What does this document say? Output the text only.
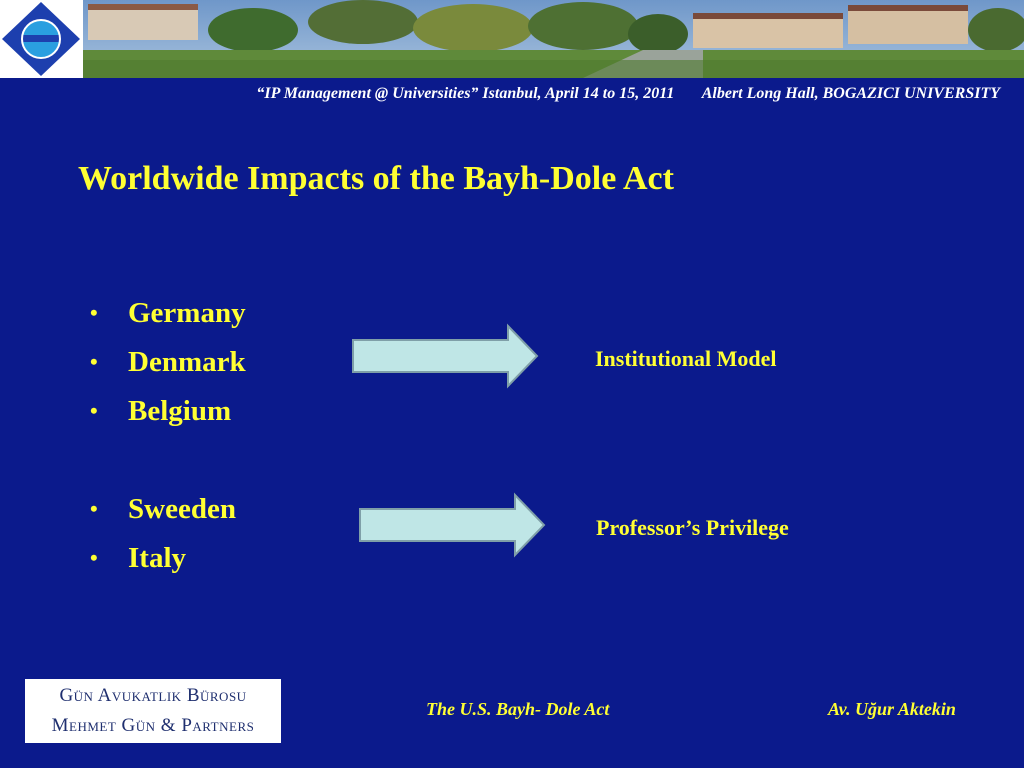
“IP Management @ Universities” Istanbul, April 14 to 15, 2011 Albert Long Hall, BOGAZICI UNIVERSITY
Worldwide Impacts of the Bayh-Dole Act
•	Germany
•	Denmark
•	Belgium
•	Sweeden
•	Italy
Institutional Model
Professor’s Privilege
Gün Avukatlık Bürosu
Mehmet Gün & Partners
The U.S. Bayh- Dole Act	Av. Uğur Aktekin
